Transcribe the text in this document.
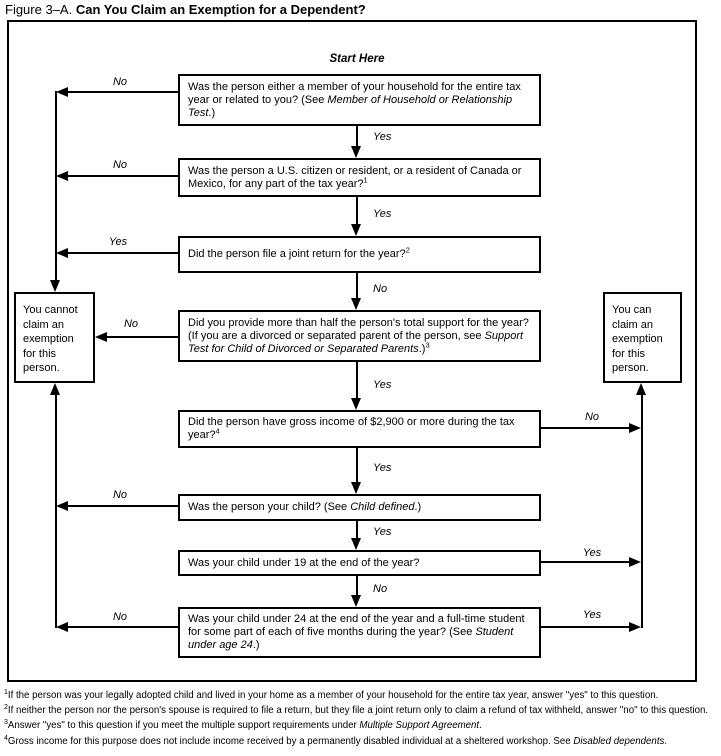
Figure 3–A. Can You Claim an Exemption for a Dependent?
Start Here
Was the person either a member of your household for the entire tax year or related to you? (See Member of Household or Relationship Test.)
Was the person a U.S. citizen or resident, or a resident of Canada or Mexico, for any part of the tax year?$^1$
Did the person file a joint return for the year?$^2$
Did you provide more than half the person's total support for the year? (If you are a divorced or separated parent of the person, see Support Test for Child of Divorced or Separated Parents.)$^3$
Did the person have gross income of $2,900 or more during the tax year?$^4$
Was the person your child? (See Child defined.)
Was your child under 19 at the end of the year?
Was your child under 24 at the end of the year and a full-time student for some part of each of five months during the year? (See Student under age 24.)
You cannot claim an exemption for this person.
You can claim an exemption for this person.
Yes
Yes
No
Yes
Yes
Yes
No
No
No
Yes
No
No
No
No
Yes
Yes
$^1$If the person was your legally adopted child and lived in your home as a member of your household for the entire tax year, answer "yes" to this question.
$^2$If neither the person nor the person's spouse is required to file a return, but they file a joint return only to claim a refund of tax withheld, answer "no" to this question.
$^3$Answer "yes" to this question if you meet the multiple support requirements under Multiple Support Agreement.
$^4$Gross income for this purpose does not include income received by a permanently disabled individual at a sheltered workshop. See Disabled dependents.
